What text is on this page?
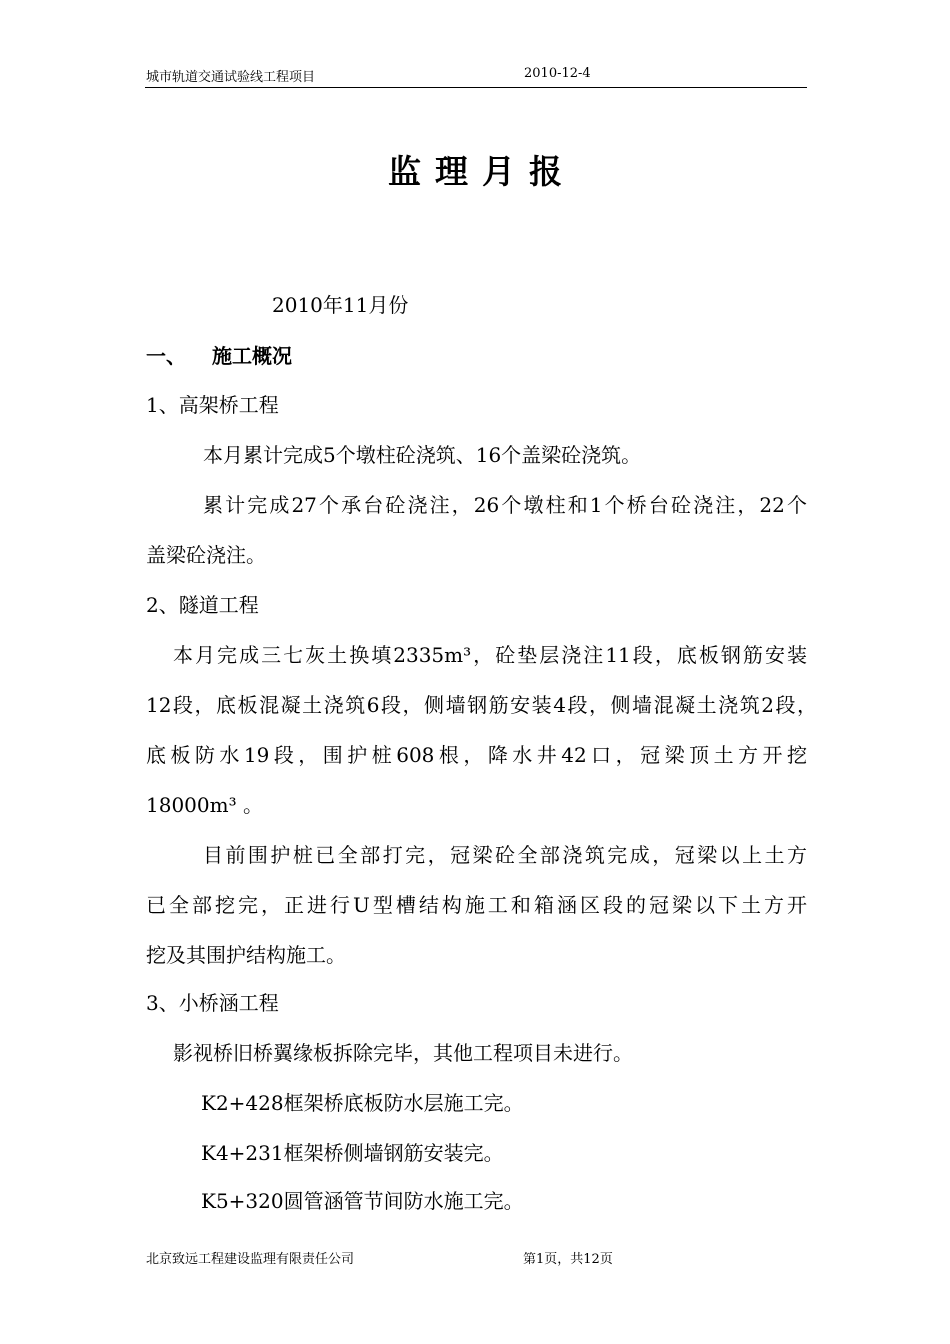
城市轨道交通试验线工程项目	2010-12-4
监理月报
2010年11月份
一、 施工概况
1、高架桥工程
本月累计完成5个墩柱砼浇筑、16个盖梁砼浇筑。
累计完成27个承台砼浇注，26个墩柱和1个桥台砼浇注，22个
盖梁砼浇注。
2、隧道工程
本月完成三七灰土换填2335m³，砼垫层浇注11段，底板钢筋安装
12段，底板混凝土浇筑6段，侧墙钢筋安装4段，侧墙混凝土浇筑2段，
底板防水19段，围护桩608根，降水井42口，冠梁顶土方开挖
18000m³ 。
目前围护桩已全部打完，冠梁砼全部浇筑完成，冠梁以上土方
已全部挖完，正进行U型槽结构施工和箱涵区段的冠梁以下土方开
挖及其围护结构施工。
3、小桥涵工程
影视桥旧桥翼缘板拆除完毕，其他工程项目未进行。
K2+428框架桥底板防水层施工完。
K4+231框架桥侧墙钢筋安装完。
K5+320圆管涵管节间防水施工完。
北京致远工程建设监理有限责任公司	第1页，共12页
